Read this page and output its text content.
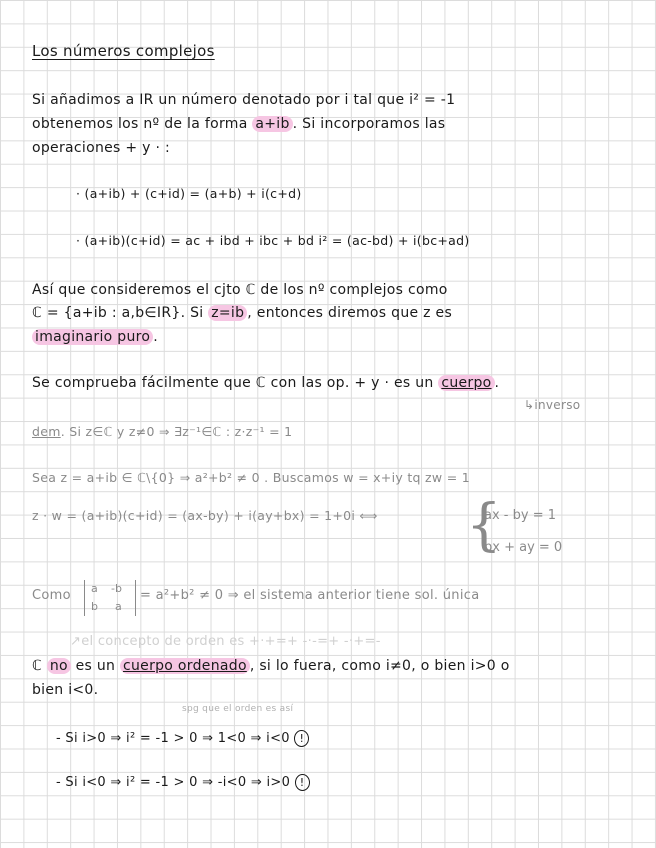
Los números complejos
Si añadimos a IR un número denotado por i tal que i² = -1
obtenemos los nº de la forma a+ib . Si incorporamos las
operaciones + y · :
· (a+ib) + (c+id) = (a+b) + i(c+d)
· (a+ib)(c+id) = ac + ibd + ibc + bd i² = (ac-bd) + i(bc+ad)
Así que consideremos el cjto ℂ de los nº complejos como
ℂ = {a+ib : a,b∈IR}. Si z=ib , entonces diremos que z es
imaginario puro .
Se comprueba fácilmente que ℂ con las op. + y · es un cuerpo .
↳inverso
dem. Si z∈ℂ y z≠0 ⇒ ∃z⁻¹∈ℂ : z·z⁻¹ = 1
Sea z = a+ib ∈ ℂ\{0} ⇒ a²+b² ≠ 0 . Buscamos w = x+iy tq zw = 1
z · w = (a+ib)(c+id) = (ax-by) + i(ay+bx) = 1+0i ⟺ {
ax - by = 1
bx + ay = 0
Como a -b
b a
= a²+b² ≠ 0 ⇒ el sistema anterior tiene sol. única
↗el concepto de orden es +·+=+ -·-=+ -·+=-
ℂ no es un cuerpo ordenado , si lo fuera, como i≠0, o bien i>0 o
bien i<0.
spg que el orden es así
- Si i>0 ⇒ i² = -1 > 0 ⇒ 1<0 ⇒ i<0 !
- Si i<0 ⇒ i² = -1 > 0 ⇒ -i<0 ⇒ i>0 !
